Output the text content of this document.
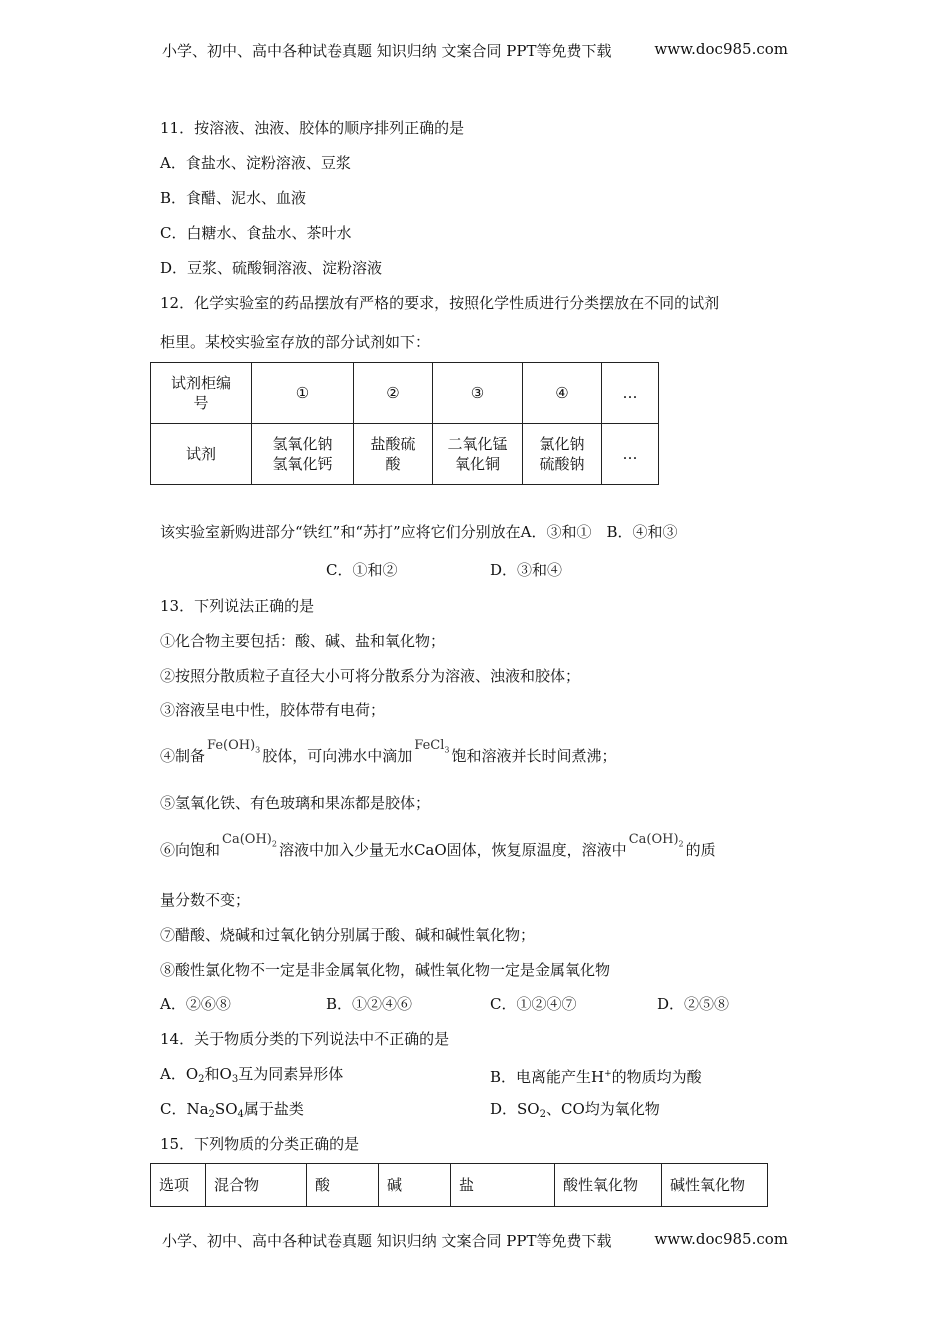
小学、初中、高中各种试卷真题 知识归纳 文案合同 PPT等免费下载	www.doc985.com
11．按溶液、浊液、胶体的顺序排列正确的是
A．食盐水、淀粉溶液、豆浆
B．食醋、泥水、血液
C．白糖水、食盐水、茶叶水
D．豆浆、硫酸铜溶液、淀粉溶液
12．化学实验室的药品摆放有严格的要求，按照化学性质进行分类摆放在不同的试剂
柜里。某校实验室存放的部分试剂如下：
试剂柜编号	①	②	③	④	…
试剂	氢氧化钠氢氧化钙	盐酸硫酸	二氧化锰氧化铜	氯化钠硫酸钠	…
该实验室新购进部分“铁红”和“苏打”应将它们分别放在A．③和①　B．④和③
C．①和②	D．③和④
13．下列说法正确的是
①化合物主要包括：酸、碱、盐和氧化物；
②按照分散质粒子直径大小可将分散系分为溶液、浊液和胶体；
③溶液呈电中性，胶体带有电荷；
④制备$Fe(OH)_3$ 胶体，可向沸水中滴加FeCl$_3$ 饱和溶液并长时间煮沸；
⑤氢氧化铁、有色玻璃和果冻都是胶体；
⑥向饱和$Ca(OH)_2$ 溶液中加入少量无水CaO固体，恢复原温度，溶液中$Ca(OH)_2$ 的质
量分数不变；
⑦醋酸、烧碱和过氧化钠分别属于酸、碱和碱性氧化物；
⑧酸性氯化物不一定是非金属氧化物，碱性氧化物一定是金属氧化物
A．②⑥⑧	B．①②④⑥	C．①②④⑦	D．②⑤⑧
14．关于物质分类的下列说法中不正确的是
A．$O_2$和$O_3$互为同素异形体	B．电离能产生H+的物质均为酸
C．$Na_2SO_4$属于盐类	D．$SO_2$、CO均为氧化物
15．下列物质的分类正确的是
选项	混合物	酸	碱	盐	酸性氧化物	碱性氧化物
小学、初中、高中各种试卷真题 知识归纳 文案合同 PPT等免费下载	www.doc985.com
